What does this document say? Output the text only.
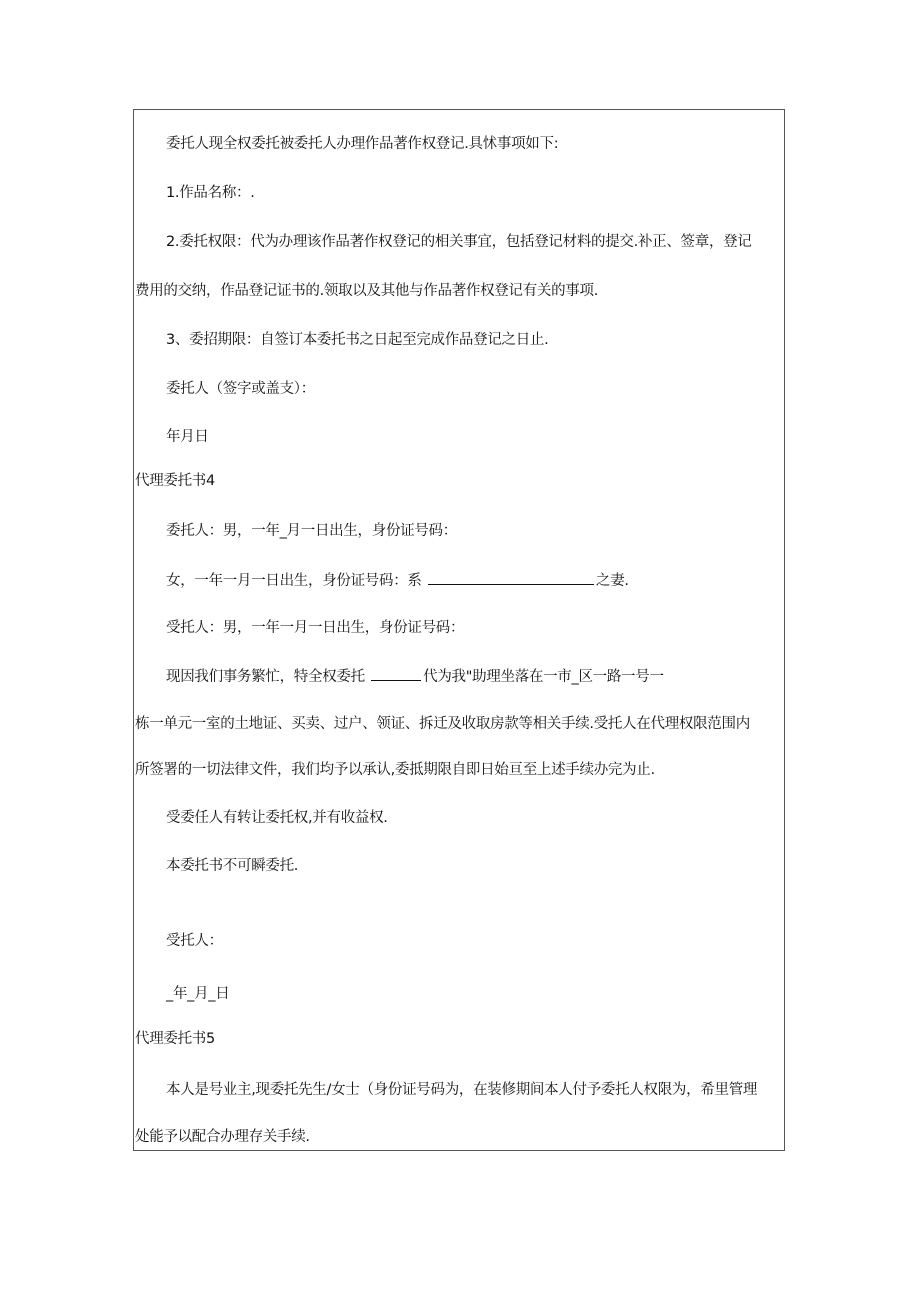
委托人现全权委托被委托人办理作品著作权登记.具怵事项如下:
1.作品名称：.
2.委托权限：代为办理该作品著作权登记的相关事宜，包括登记材料的提交.补正、签章，登记
费用的交纳，作品登记证书的.领取以及其他与作品著作权登记有关的事项.
3、委招期限：自签订本委托书之日起至完成作品登记之日止.
委托人（签字或盖支）：
年月日
代理委托书4
委托人：男，一年_月一日出生，身份证号码：
女，一年一月一日出生，身份证号码：系	之妻.
受托人：男，一年一月一日出生，身份证号码：
现因我们事务繁忙，特全权委托	代为我"助理坐落在一市_区一路一号一
栋一单元一室的土地证、买卖、过户、领证、拆迁及收取房款等相关手续.受托人在代理权限范围内
所签署的一切法律文件，我们均予以承认,委抵期限自即日始亘至上述手续办完为止.
受委任人有转让委托权,并有收益权.
本委托书不可瞬委托.
受托人：
_年_月_日
代理委托书5
本人是号业主,现委托先生/女士（身份证号码为，在装修期间本人付予委托人权限为，希里管理
处能予以配合办理存关手续.
